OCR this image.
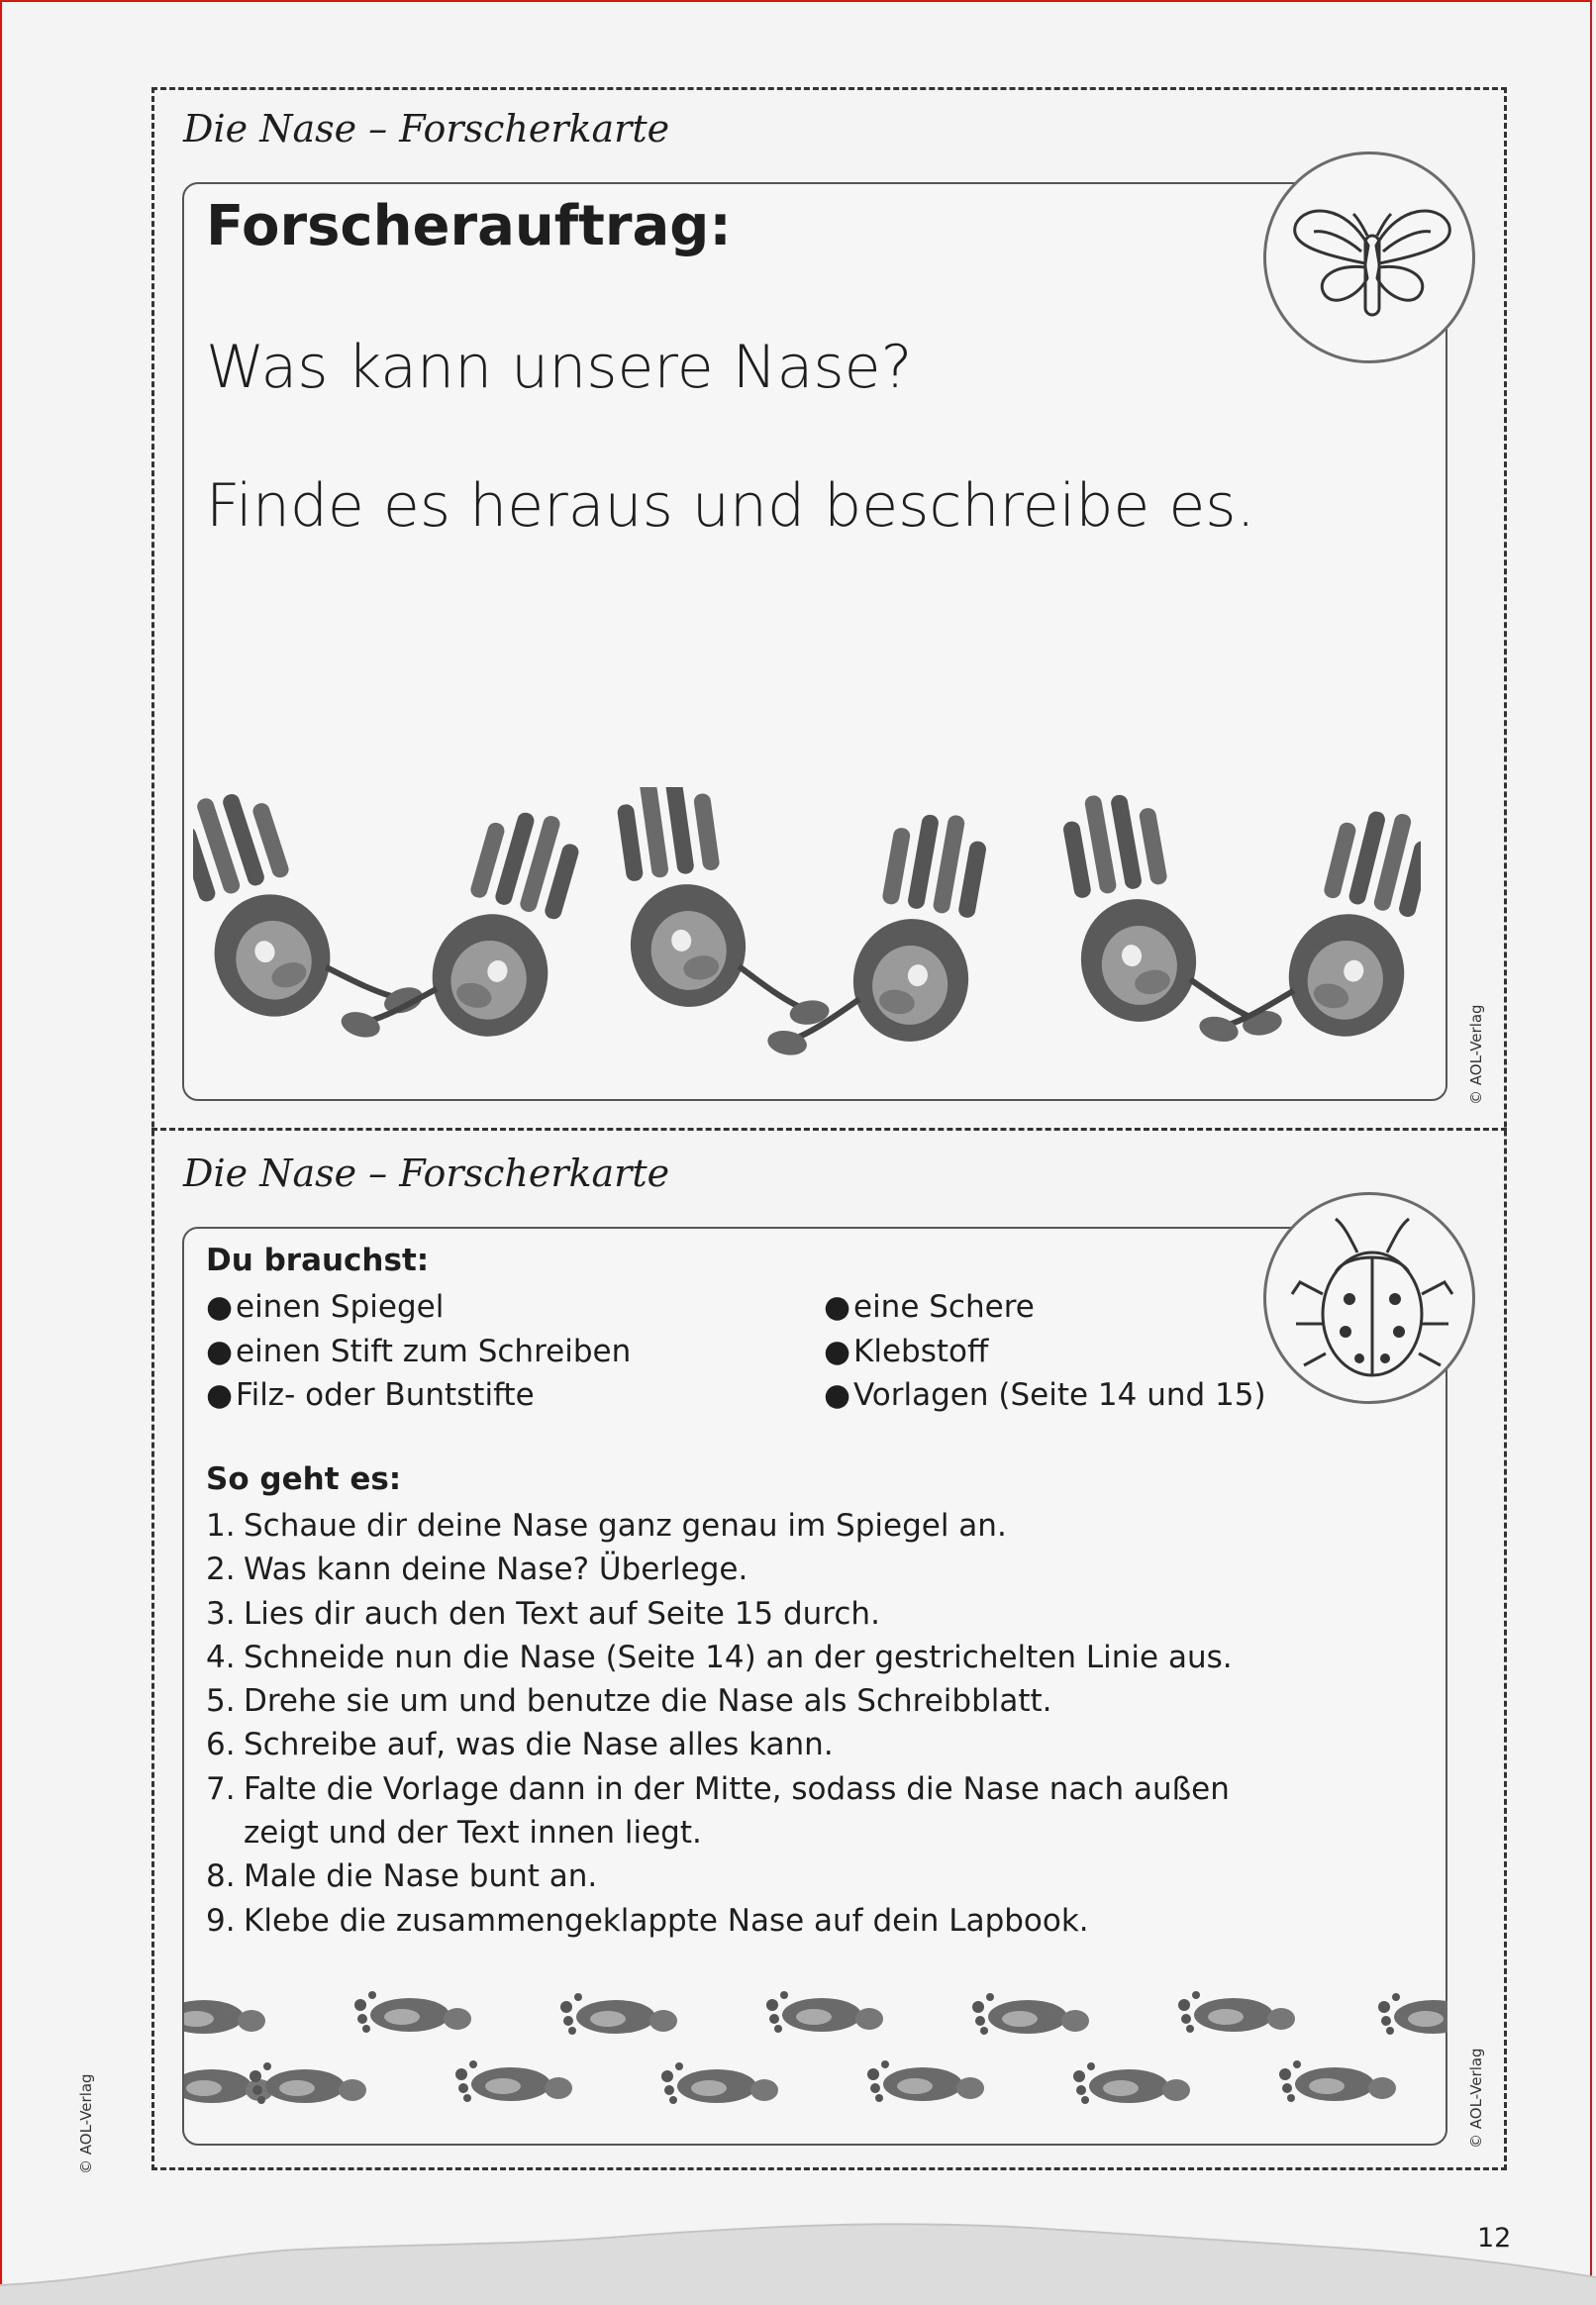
Die Nase – Forscherkarte
Forscherauftrag:
Was kann unsere Nase?
Finde es heraus und beschreibe es.
© AOL-Verlag
Die Nase – Forscherkarte
Du brauchst:
●einen Spiegel
●einen Stift zum Schreiben
●Filz- oder Buntstifte
●eine Schere
●Klebstoff
●Vorlagen (Seite 14 und 15)
So geht es:
1. Schaue dir deine Nase ganz genau im Spiegel an.
2. Was kann deine Nase? Überlege.
3. Lies dir auch den Text auf Seite 15 durch.
4. Schneide nun die Nase (Seite 14) an der gestrichelten Linie aus.
5. Drehe sie um und benutze die Nase als Schreibblatt.
6. Schreibe auf, was die Nase alles kann.
7. Falte die Vorlage dann in der Mitte, sodass die Nase nach außen zeigt und der Text innen liegt.
8. Male die Nase bunt an.
9. Klebe die zusammengeklappte Nase auf dein Lapbook.
© AOL-Verlag
© AOL-Verlag
12
